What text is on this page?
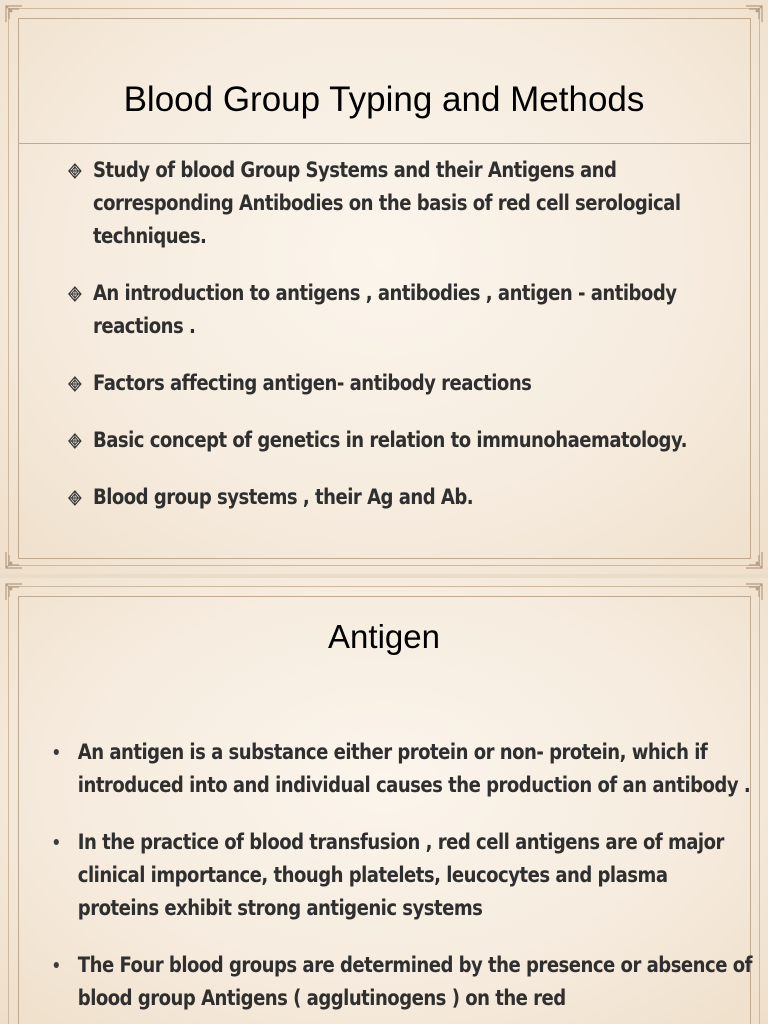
Blood Group Typing and Methods
Study of blood Group Systems and their Antigens and corresponding Antibodies on the basis of red cell serological techniques.
An introduction to antigens , antibodies , antigen - antibody reactions .
Factors affecting antigen- antibody reactions
Basic concept of genetics in relation to immunohaematology.
Blood group systems , their Ag and Ab.
Antigen
An antigen is a substance either protein or non- protein, which if introduced into and individual causes the production of an antibody .
In the practice of blood transfusion , red cell antigens are of major clinical importance, though platelets, leucocytes and plasma proteins exhibit strong antigenic systems
The Four blood groups are determined by the presence or absence of blood group Antigens ( agglutinogens ) on the red
